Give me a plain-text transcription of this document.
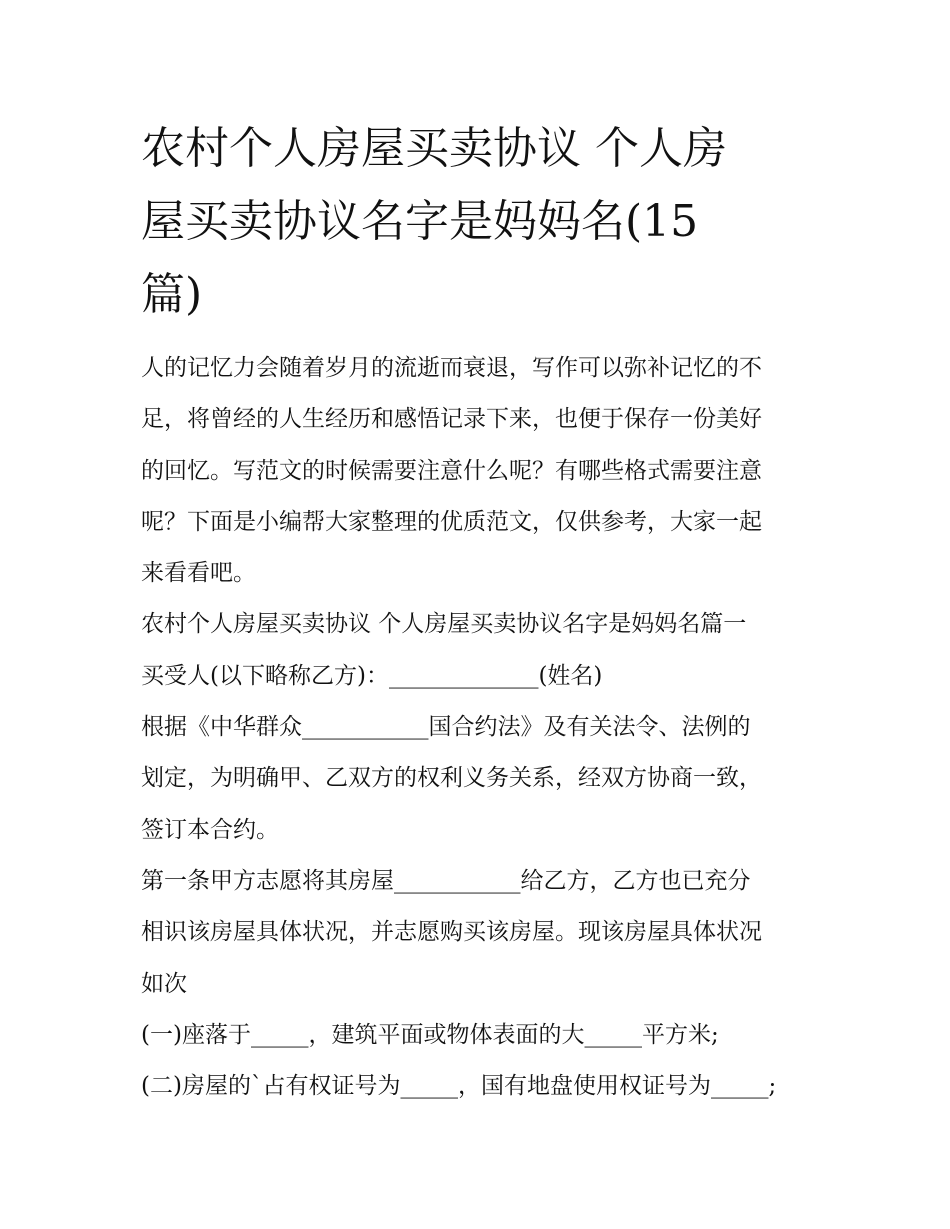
农村个人房屋买卖协议 个人房
屋买卖协议名字是妈妈名(15
篇)

人的记忆力会随着岁月的流逝而衰退，写作可以弥补记忆的不
足，将曾经的人生经历和感悟记录下来，也便于保存一份美好
的回忆。写范文的时候需要注意什么呢？有哪些格式需要注意
呢？下面是小编帮大家整理的优质范文，仅供参考，大家一起
来看看吧。

农村个人房屋买卖协议 个人房屋买卖协议名字是妈妈名篇一

买受人(以下略称乙方)：_____________(姓名)

根据《中华群众___________国合约法》及有关法令、法例的
划定，为明确甲、乙双方的权利义务关系，经双方协商一致，
签订本合约。

第一条甲方志愿将其房屋___________给乙方，乙方也已充分
相识该房屋具体状况，并志愿购买该房屋。现该房屋具体状况
如次

(一)座落于_____，建筑平面或物体表面的大_____平方米;

(二)房屋的`占有权证号为_____，国有地盘使用权证号为_____;
